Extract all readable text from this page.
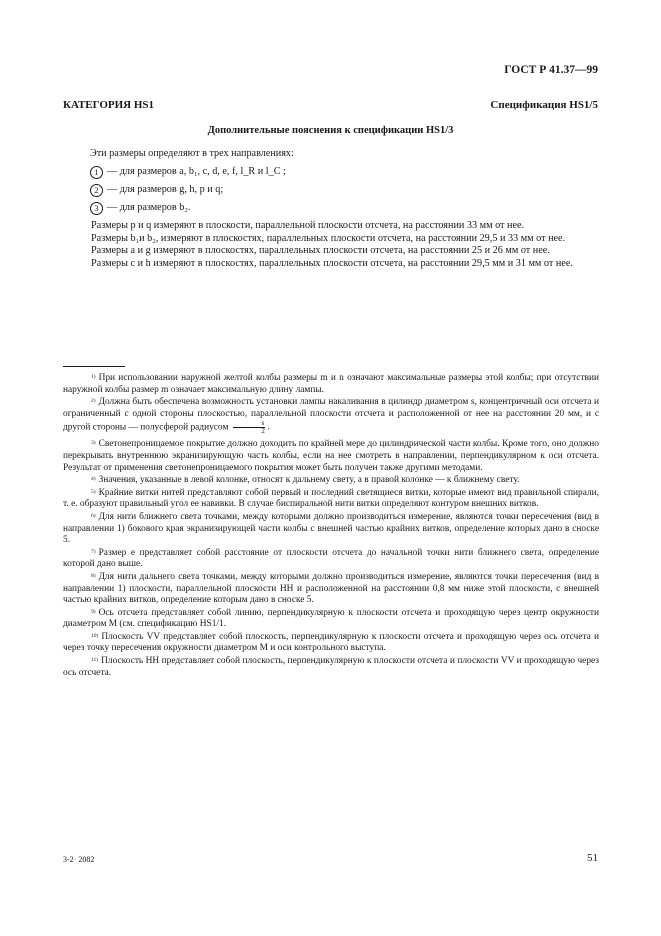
ГОСТ Р 41.37—99
КАТЕГОРИЯ HS1	Спецификация HS1/5
Дополнительные пояснения к спецификации HS1/3
Эти размеры определяют в трех направлениях:
1 — для размеров a, b₁, c, d, e, f, l_R и l_C ;
2 — для размеров g, h, p и q;
3 — для размеров b₂.
Размеры p и q измеряют в плоскости, параллельной плоскости отсчета, на расстоянии 33 мм от нее.
Размеры b₁и b₂, измеряют в плоскостях, параллельных плоскости отсчета, на расстоянии 29,5 и 33 мм от нее.
Размеры a и g измеряют в плоскостях, параллельных плоскости отсчета, на расстоянии 25 и 26 мм от нее.
Размеры c и h измеряют в плоскостях, параллельных плоскости отсчета, на расстоянии 29,5 мм и 31 мм от нее.
$^{1)}$ При использовании наружной желтой колбы размеры m и n означают максимальные размеры этой колбы; при отсутствии наружной колбы размер m означает максимальную длину лампы.
$^{2)}$ Должна быть обеспечена возможность установки лампы накаливания в цилиндр диаметром s, концентричный оси отсчета и ограниченный с одной стороны плоскостью, параллельной плоскости отсчета и расположенной от нее на расстоянии 20 мм, и с другой стороны — полусферой радиусом $\frac{s}{2}$ .
$^{3)}$ Светонепроницаемое покрытие должно доходить по крайней мере до цилиндрической части колбы. Кроме того, оно должно перекрывать внутреннюю экранизирующую часть колбы, если на нее смотреть в направлении, перпендикулярном к оси отсчета. Результат от применения светонепроницаемого покрытия может быть получен также другими методами.
$^{4)}$ Значения, указанные в левой колонке, относят к дальнему свету, а в правой колонке — к ближнему свету.
$^{5)}$ Крайние витки нитей представляют собой первый и последний светящиеся витки, которые имеют вид правильной спирали, т. е. образуют правильный угол ее навивки. В случае биспиральной нити витки определяют контуром внешних витков.
$^{6)}$ Для нити ближнего света точками, между которыми должно производиться измерение, являются точки пересечения (вид в направлении 1) бокового края экранизирующей части колбы с внешней частью крайних витков, определение которых дано в сноске 5.
$^{7)}$ Размер e представляет собой расстояние от плоскости отсчета до начальной точки нити ближнего света, определение которой дано выше.
$^{8)}$ Для нити дальнего света точками, между которыми должно производиться измерение, являются точки пересечения (вид в направлении 1) плоскости, параллельной плоскости HH и расположенной на расстоянии 0,8 мм ниже этой плоскости, с внешней частью крайних витков, определение которым дано в сноске 5.
$^{9)}$ Ось отсчета представляет собой линию, перпендикулярную к плоскости отсчета и проходящую через центр окружности диаметром M (см. спецификацию HS1/1.
$^{10)}$ Плоскость VV представляет собой плоскость, перпендикулярную к плоскости отсчета и проходящую через ось отсчета и через точку пересечения окружности диаметром M и оси контрольного выступа.
$^{11)}$ Плоскость HH представляет собой плоскость, перпендикулярную к плоскости отсчета и плоскости VV и проходящую через ось отсчета.
3-2· 2082	51
